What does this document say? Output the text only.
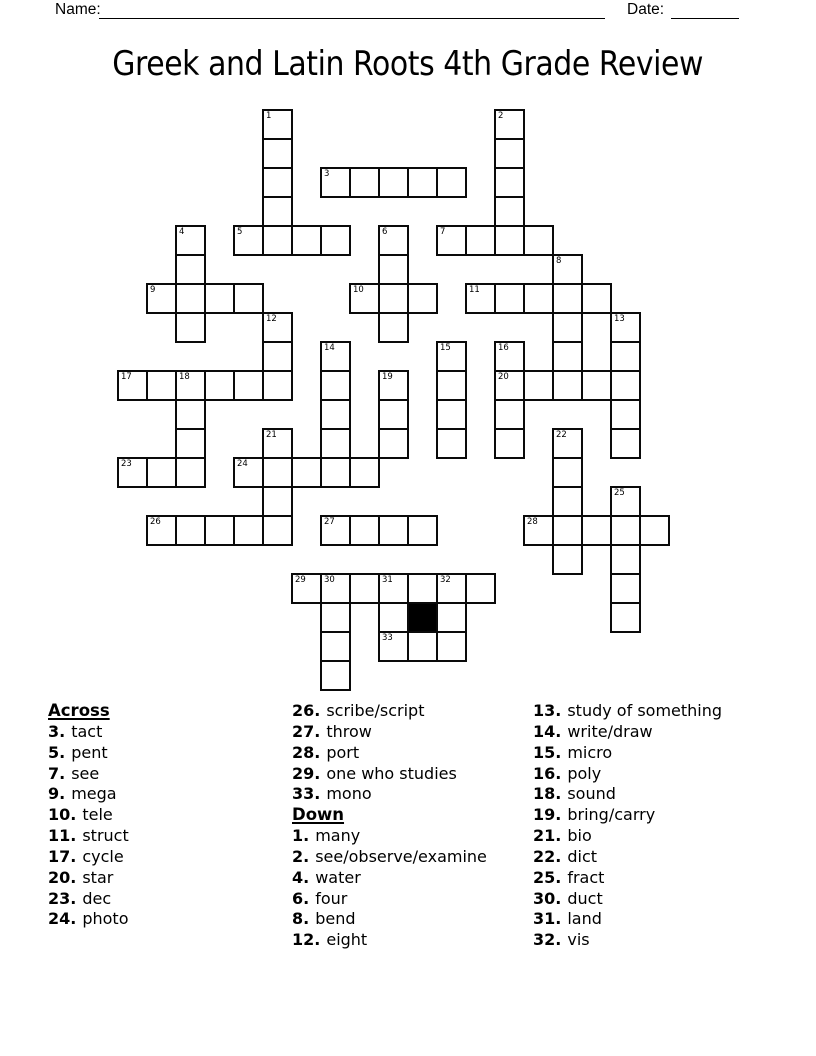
Name:	Date:
Greek and Latin Roots 4th Grade Review
1	2
3
4	5	6	7
8
9	10	11
12	13
14	15	16
17	18	19	20
21	22
23	24
25
26	27	28
29 30	31	32
33
Across
3. tact
5. pent
7. see
9. mega
10. tele
11. struct
17. cycle
20. star
23. dec
24. photo
26. scribe/script
27. throw
28. port
29. one who studies
33. mono
Down
1. many
2. see/observe/examine
4. water
6. four
8. bend
12. eight
13. study of something
14. write/draw
15. micro
16. poly
18. sound
19. bring/carry
21. bio
22. dict
25. fract
30. duct
31. land
32. vis
